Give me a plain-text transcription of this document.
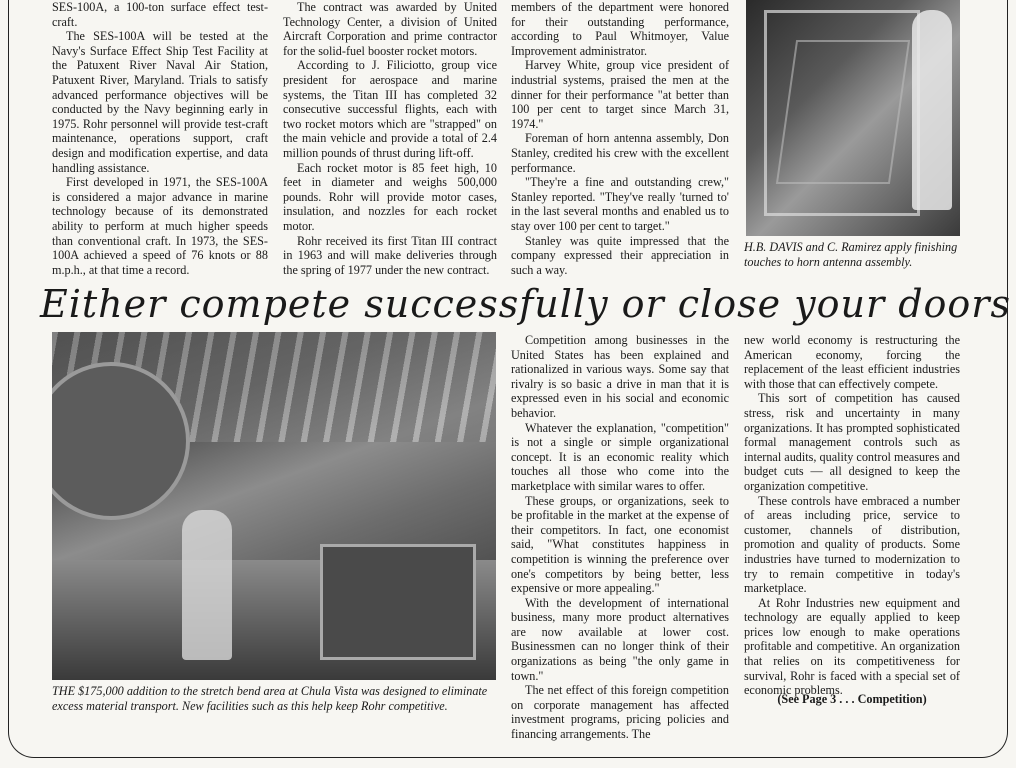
SES-100A, a 100-ton surface effect test-craft.

The SES-100A will be tested at the Navy's Surface Effect Ship Test Facility at the Patuxent River Naval Air Station, Patuxent River, Maryland. Trials to satisfy advanced performance objectives will be conducted by the Navy beginning early in 1975. Rohr personnel will provide test-craft maintenance, operations support, craft design and modification expertise, and data handling assistance.

First developed in 1971, the SES-100A is considered a major advance in marine technology because of its demonstrated ability to perform at much higher speeds than conventional craft. In 1973, the SES-100A achieved a speed of 76 knots or 88 m.p.h., at that time a record.

The contract was awarded by United Technology Center, a division of United Aircraft Corporation and prime contractor for the solid-fuel booster rocket motors.

According to J. Filiciotto, group vice president for aerospace and marine systems, the Titan III has completed 32 consecutive successful flights, each with two rocket motors which are "strapped" on the main vehicle and provide a total of 2.4 million pounds of thrust during lift-off.

Each rocket motor is 85 feet high, 10 feet in diameter and weighs 500,000 pounds. Rohr will provide motor cases, insulation, and nozzles for each rocket motor.

Rohr received its first Titan III contract in 1963 and will make deliveries through the spring of 1977 under the new contract.

members of the department were honored for their outstanding performance, according to Paul Whitmoyer, Value Improvement administrator.

Harvey White, group vice president of industrial systems, praised the men at the dinner for their performance "at better than 100 per cent to target since March 31, 1974."

Foreman of horn antenna assembly, Don Stanley, credited his crew with the excellent performance.

"They're a fine and outstanding crew," Stanley reported. "They've really 'turned to' in the last several months and enabled us to stay over 100 per cent to target."

Stanley was quite impressed that the company expressed their appreciation in such a way.

H.B. DAVIS and C. Ramirez apply finishing touches to horn antenna assembly.
Either compete successfully or close your doors
THE $175,000 addition to the stretch bend area at Chula Vista was designed to eliminate excess material transport. New facilities such as this help keep Rohr competitive.

Competition among businesses in the United States has been explained and rationalized in various ways. Some say that rivalry is so basic a drive in man that it is expressed even in his social and economic behavior.

Whatever the explanation, "competition" is not a single or simple organizational concept. It is an economic reality which touches all those who come into the marketplace with similar wares to offer.

These groups, or organizations, seek to be profitable in the market at the expense of their competitors. In fact, one economist said, "What constitutes happiness in competition is winning the preference over one's competitors by being better, less expensive or more appealing."

With the development of international business, many more product alternatives are now available at lower cost. Businessmen can no longer think of their organizations as being "the only game in town."

The net effect of this foreign competition on corporate management has affected investment programs, pricing policies and financing arrangements. The

new world economy is restructuring the American economy, forcing the replacement of the least efficient industries with those that can effectively compete.

This sort of competition has caused stress, risk and uncertainty in many organizations. It has prompted sophisticated formal management controls such as internal audits, quality control measures and budget cuts — all designed to keep the organization competitive.

These controls have embraced a number of areas including price, service to customer, channels of distribution, promotion and quality of products. Some industries have turned to modernization to try to remain competitive in today's marketplace.

At Rohr Industries new equipment and technology are equally applied to keep prices low enough to make operations profitable and competitive. An organization that relies on its competitiveness for survival, Rohr is faced with a special set of economic problems.

(See Page 3 . . . Competition)
